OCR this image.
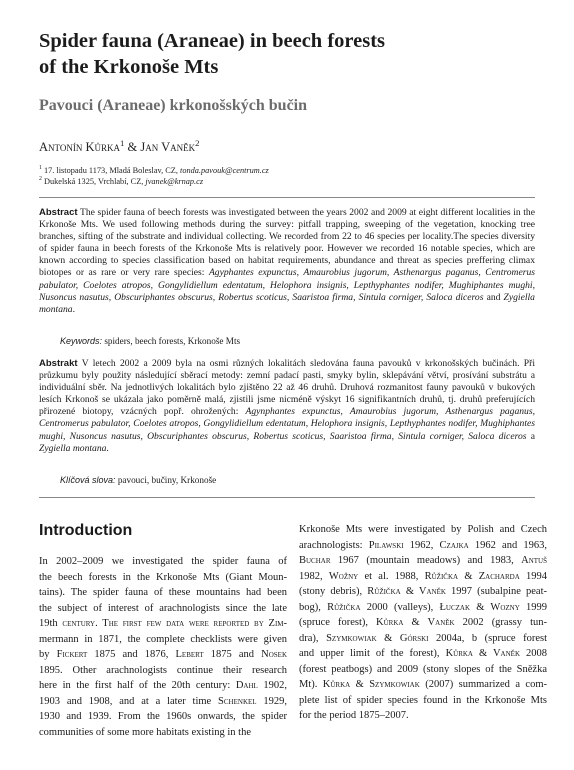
Spider fauna (Araneae) in beech forests
of the Krkonoše Mts
Pavouci (Araneae) krkonošských bučin
Antonín Kůrka$^1$ & Jan Vaněk$^2$
$^1$ 17. listopadu 1173, Mladá Boleslav, CZ, tonda.pavouk@centrum.cz
$^2$ Dukelská 1325, Vrchlabí, CZ, jvanek@krnap.cz
Abstract The spider fauna of beech forests was investigated between the years 2002 and 2009 at eight different localities in the Krkonoše Mts. We used following methods during the survey: pitfall trapping, sweeping of the vegetation, knocking tree branches, sifting of the substrate and individual collecting. We recorded from 22 to 46 species per locality.The species diversity of spider fauna in beech forests of the Krkonoše Mts is relatively poor. However we recorded 16 notable species, which are known according to species classification based on habitat requirements, abundance and threat as species preffering climax biotopes or as rare or very rare species: Agyphantes expunctus, Amaurobius jugorum, Asthenargus paganus, Centromerus pabulator, Coelotes atropos, Gongylidiellum edentatum, Helophora insignis, Lepthyphantes nodifer, Mughiphantes mughi, Nusoncus nasutus, Obscuriphantes obscurus, Robertus scoticus, Saaristoa firma, Sintula corniger, Saloca diceros and Zygiella montana.
Keywords: spiders, beech forests, Krkonoše Mts
Abstrakt V letech 2002 a 2009 byla na osmi různých lokalitách sledována fauna pavouků v krkonošských bučinách. Při průzkumu byly použity následující sběrací metody: zemní padací pasti, smyky bylin, sklepávání větví, prosívání substrátu a individuální sběr. Na jednotlivých lokalitách bylo zjištěno 22 až 46 druhů. Druhová rozmanitost fauny pavouků v bukových lesích Krkonoš se ukázala jako poměrně malá, zjistili jsme nicméně výskyt 16 signifikantních druhů, tj. druhů preferujících přirozené biotopy, vzácných popř. ohrožených: Agynphantes expunctus, Amaurobius jugorum, Asthenargus paganus, Centromerus pabulator, Coelotes atropos, Gongylidiellum edentatum, Helophora insignis, Lepthyphantes nodifer, Mughiphantes mughi, Nusoncus nasutus, Obscuriphantes obscurus, Robertus scoticus, Saaristoa firma, Sintula corniger, Saloca diceros a Zygiella montana.
Klíčová slova: pavouci, bučiny, Krkonoše
Introduction
In 2002–2009 we investigated the spider fauna of
the beech forests in the Krkonoše Mts (Giant Moun-
tains). The spider fauna of these mountains had been
the subject of interest of arachnologists since the late
19th century. The first few data were reported by Zim-
mermann in 1871, the complete checklists were given
by Fickert 1875 and 1876, Lebert 1875 and Nosek
1895. Other arachnologists continue their research
here in the first half of the 20th century: Dahl 1902,
1903 and 1908, and at a later time Schenkel 1929,
1930 and 1939. From the 1960s onwards, the spider
communities of some more habitats existing in the
Krkonoše Mts were investigated by Polish and Czech
arachnologists: Pilawski 1962, Czajka 1962 and 1963,
Buchar 1967 (mountain meadows) and 1983, Antuš
1982, Wožny et al. 1988, Růžička & Zacharda 1994
(stony debris), Růžička & Vaněk 1997 (subalpine peat-
bog), Růžička 2000 (valleys), Łuczak & Wozny 1999
(spruce forest), Kůrka & Vaněk 2002 (grassy tun-
dra), Szymkowiak & Górski 2004a, b (spruce forest
and upper limit of the forest), Kůrka & Vaněk 2008
(forest peatbogs) and 2009 (stony slopes of the Sněžka
Mt). Kůrka & Szymkowiak (2007) summarized a com-
plete list of spider species found in the Krkonoše Mts
for the period 1875–2007.
